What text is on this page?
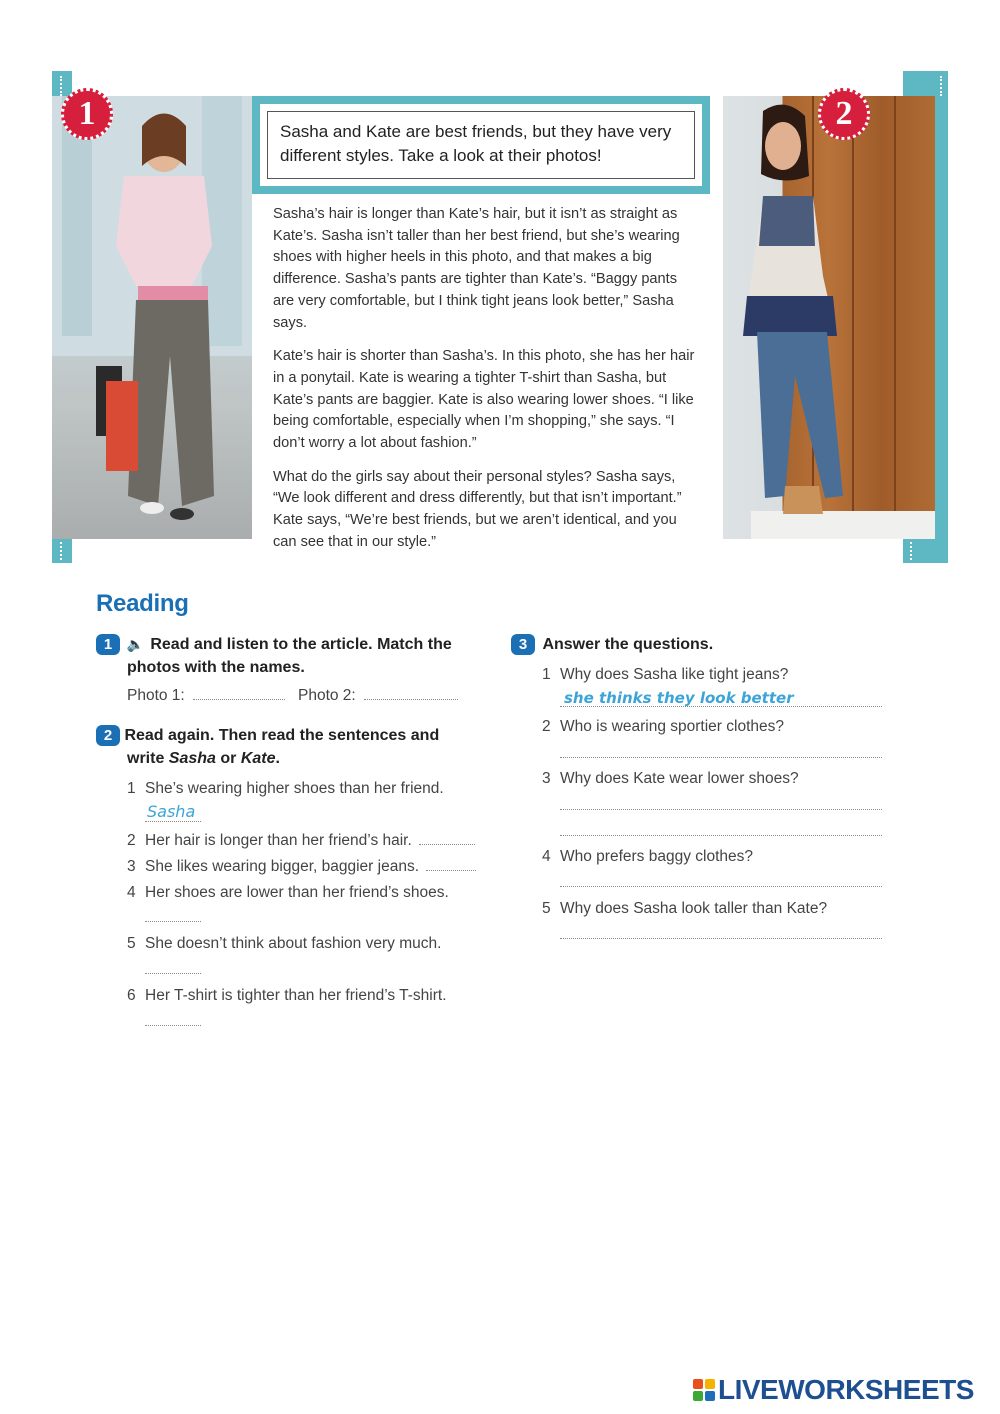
1	2
Sasha and Kate are best friends, but they have very different styles. Take a look at their photos!

Sasha’s hair is longer than Kate’s hair, but it isn’t as straight as Kate’s. Sasha isn’t taller than her best friend, but she’s wearing shoes with higher heels in this photo, and that makes a big difference. Sasha’s pants are tighter than Kate’s. “Baggy pants are very comfortable, but I think tight jeans look better,” Sasha says.

Kate’s hair is shorter than Sasha’s. In this photo, she has her hair in a ponytail. Kate is wearing a tighter T-shirt than Sasha, but Kate’s pants are baggier. Kate is also wearing lower shoes. “I like being comfortable, especially when I’m shopping,” she says. “I don’t worry a lot about fashion.”

What do the girls say about their personal styles? Sasha says, “We look different and dress differently, but that isn’t important.” Kate says, “We’re best friends, but we aren’t identical, and you can see that in our style.”

Reading
1 🔈 Read and listen to the article. Match the
photos with the names.
Photo 1:	Photo 2:
2 Read again. Then read the sentences and
write Sasha or Kate.
1 She’s wearing higher shoes than her friend.
Sasha
2 Her hair is longer than her friend’s hair.
3 She likes wearing bigger, baggier jeans.
4 Her shoes are lower than her friend’s shoes.
5 She doesn’t think about fashion very much.
6 Her T-shirt is tighter than her friend’s T-shirt.
3 Answer the questions.
1 Why does Sasha like tight jeans?
she thinks they look better
2 Who is wearing sportier clothes?
3 Why does Kate wear lower shoes?
4 Who prefers baggy clothes?
5 Why does Sasha look taller than Kate?
LIVEWORKSHEETS
